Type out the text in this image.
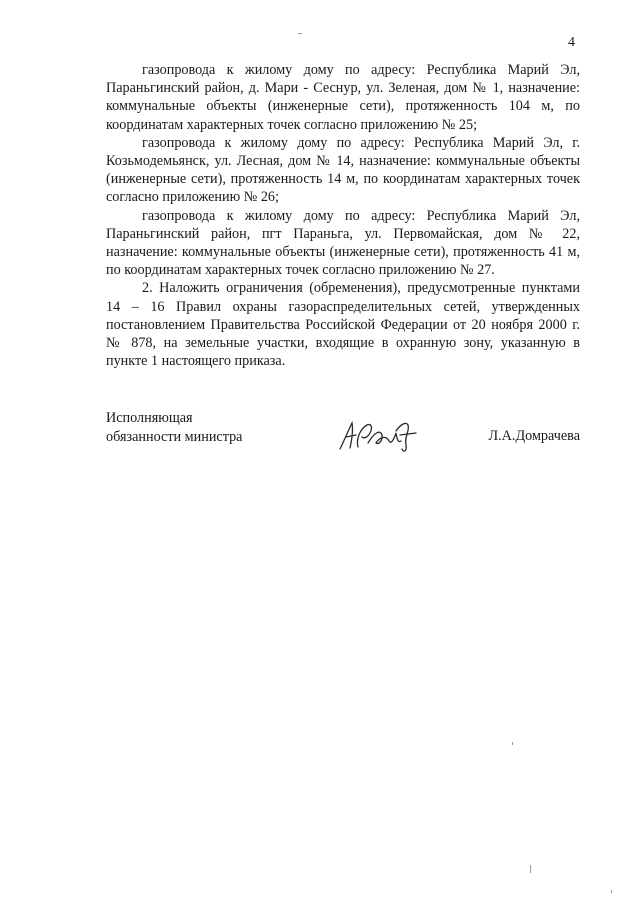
4

газопровода к жилому дому по адресу: Республика Марий Эл, Параньгинский район, д. Мари - Сеснур, ул. Зеленая, дом № 1, назначение: коммунальные объекты (инженерные сети), протяженность 104 м, по координатам характерных точек согласно приложению № 25;

газопровода к жилому дому по адресу: Республика Марий Эл, г. Козьмодемьянск, ул. Лесная, дом № 14, назначение: коммунальные объекты (инженерные сети), протяженность 14 м, по координатам характерных точек согласно приложению № 26;

газопровода к жилому дому по адресу: Республика Марий Эл, Параньгинский район, пгт Параньга, ул. Первомайская, дом № 22, назначение: коммунальные объекты (инженерные сети), протяженность 41 м, по координатам характерных точек согласно приложению № 27.

2. Наложить ограничения (обременения), предусмотренные пунктами 14 – 16 Правил охраны газораспределительных сетей, утвержденных постановлением Правительства Российской Федерации от 20 ноября 2000 г. № 878, на земельные участки, входящие в охранную зону, указанную в пункте 1 настоящего приказа.

Исполняющая
обязанности министра	Л.А.Домрачева
